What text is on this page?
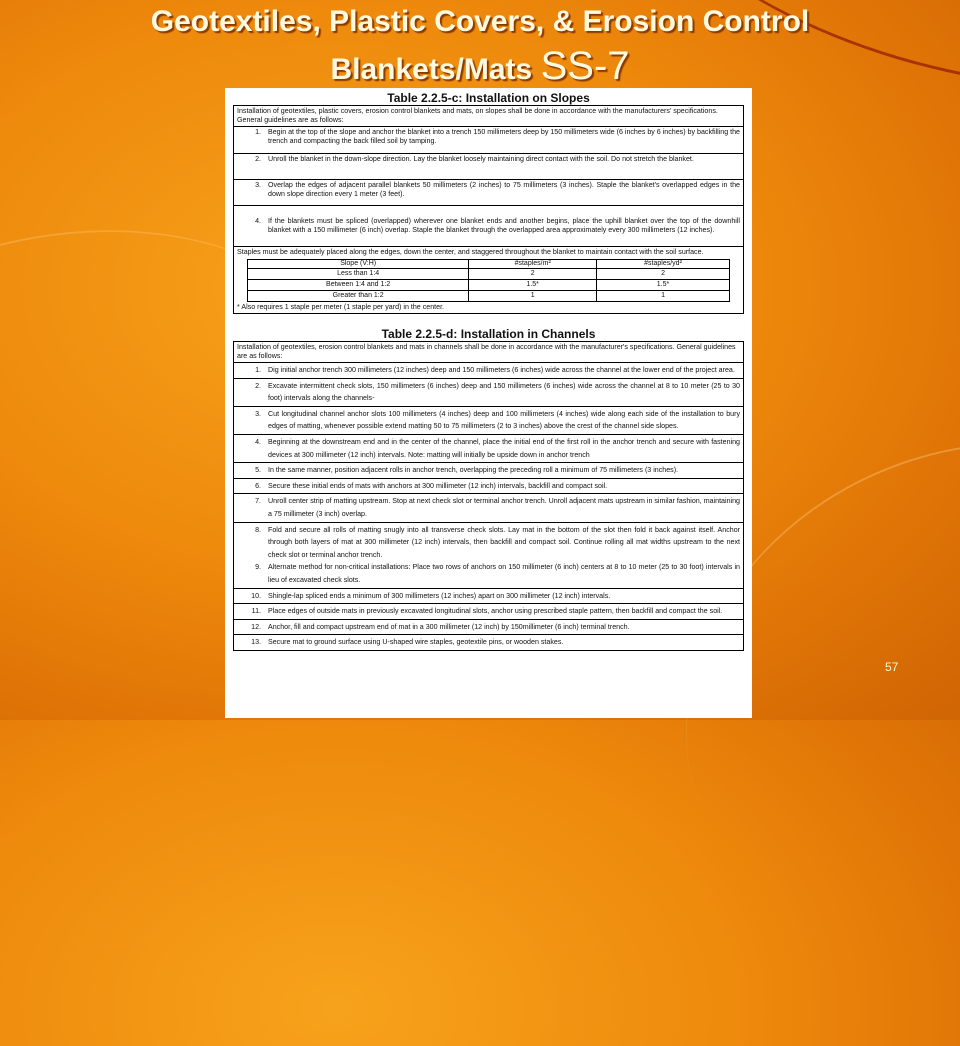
Geotextiles, Plastic Covers, & Erosion Control
Blankets/Mats SS-7
Table 2.2.5-c: Installation on Slopes
Installation of geotextiles, plastic covers, erosion control blankets and mats, on slopes shall be done in accordance with the manufacturers' specifications. General guidelines are as follows:

1. Begin at the top of the slope and anchor the blanket into a trench 150 millimeters deep by 150 millimeters wide (6 inches by 6 inches) by backfilling the trench and compacting the back filled soil by tamping.

2. Unroll the blanket in the down-slope direction. Lay the blanket loosely maintaining direct contact with the soil. Do not stretch the blanket.

3. Overlap the edges of adjacent parallel blankets 50 millimeters (2 inches) to 75 millimeters (3 inches). Staple the blanket's overlapped edges in the down slope direction every 1 meter (3 feet).

4. If the blankets must be spliced (overlapped) wherever one blanket ends and another begins, place the uphill blanket over the top of the downhill blanket with a 150 millimeter (6 inch) overlap. Staple the blanket through the overlapped area approximately every 300 millimeters (12 inches).

Staples must be adequately placed along the edges, down the center, and staggered throughout the blanket to maintain contact with the soil surface.
Slope (V:H)	#staples/m²	#staples/yd²
Less than 1:4	2	2
Between 1:4 and 1:2	1.5*	1.5*
Greater than 1:2	1	1
* Also requires 1 staple per meter (1 staple per yard) in the center.
Table 2.2.5-d: Installation in Channels
Installation of geotextiles, erosion control blankets and mats in channels shall be done in accordance with the manufacturer's specifications. General guidelines are as follows:

1. Dig initial anchor trench 300 millimeters (12 inches) deep and 150 millimeters (6 inches) wide across the channel at the lower end of the project area.

2. Excavate intermittent check slots, 150 millimeters (6 inches) deep and 150 millimeters (6 inches) wide across the channel at 8 to 10 meter (25 to 30 foot) intervals along the channels-

3. Cut longitudinal channel anchor slots 100 millimeters (4 inches) deep and 100 millimeters (4 inches) wide along each side of the installation to bury edges of matting, whenever possible extend matting 50 to 75 millimeters (2 to 3 inches) above the crest of the channel side slopes.

4. Beginning at the downstream end and in the center of the channel, place the initial end of the first roll in the anchor trench and secure with fastening devices at 300 millimeter (12 inch) intervals. Note: matting will initially be upside down in anchor trench

5. In the same manner, position adjacent rolls in anchor trench, overlapping the preceding roll a minimum of 75 millimeters (3 inches).

6. Secure these initial ends of mats with anchors at 300 millimeter (12 inch) intervals, backfill and compact soil.

7. Unroll center strip of matting upstream. Stop at next check slot or terminal anchor trench. Unroll adjacent mats upstream in similar fashion, maintaining a 75 millimeter (3 inch) overlap.

8. Fold and secure all rolls of matting snugly into all transverse check slots. Lay mat in the bottom of the slot then fold it back against itself. Anchor through both layers of mat at 300 millimeter (12 inch) intervals, then backfill and compact soil. Continue rolling all mat widths upstream to the next check slot or terminal anchor trench.
9. Alternate method for non-critical installations: Place two rows of anchors on 150 millimeter (6 inch) centers at 8 to 10 meter (25 to 30 foot) intervals in lieu of excavated check slots.

10. Shingle-lap spliced ends a minimum of 300 millimeters (12 inches) apart on 300 millimeter (12 inch) intervals.

11. Place edges of outside mats in previously excavated longitudinal slots, anchor using prescribed staple pattern, then backfill and compact the soil.

12. Anchor, fill and compact upstream end of mat in a 300 millimeter (12 inch) by 150millimeter (6 inch) terminal trench.

13. Secure mat to ground surface using U-shaped wire staples, geotextile pins, or wooden stakes.
57
